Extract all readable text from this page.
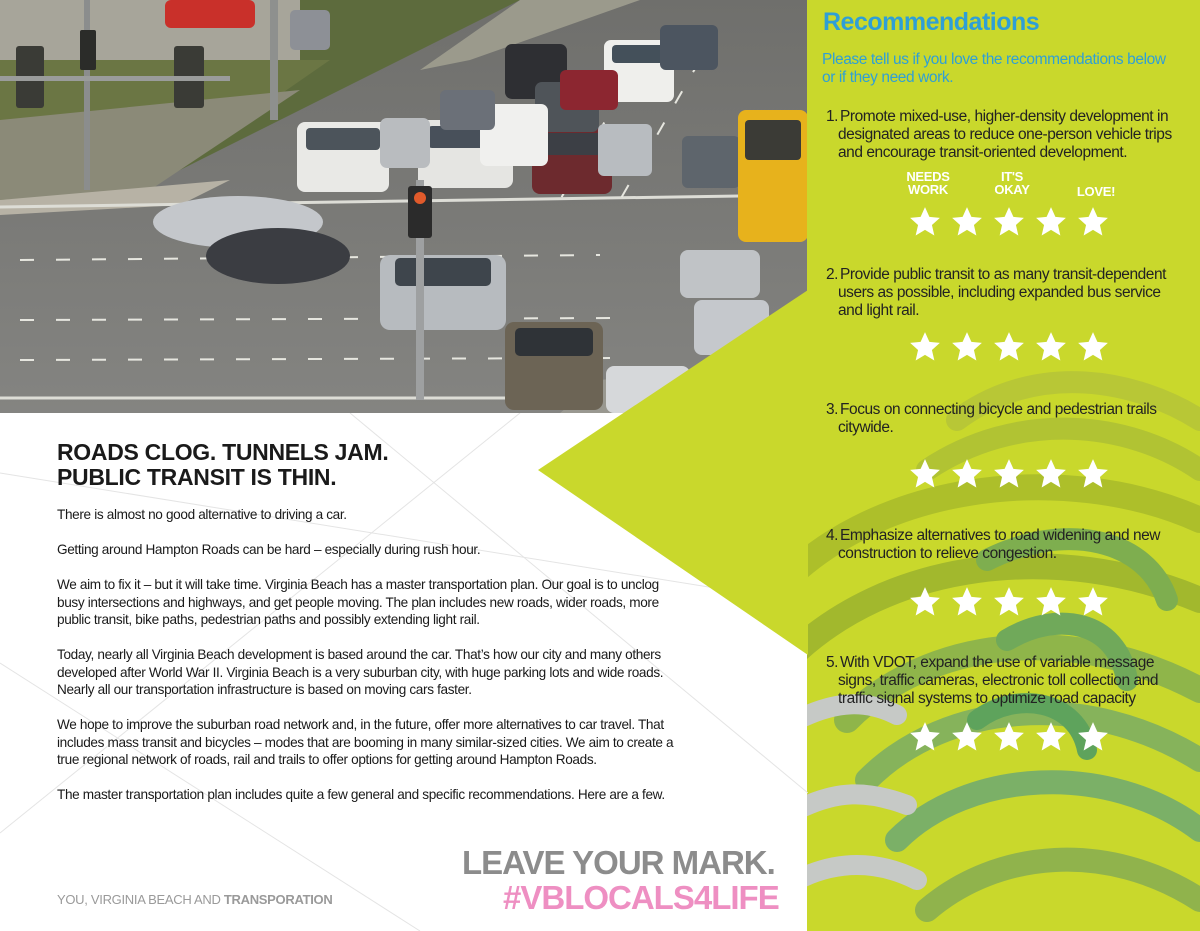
Recommendations
Please tell us if you love the recommendations below or if they need work.
1. Promote mixed-use, higher-density development in designated areas to reduce one-person vehicle trips and encourage transit-oriented development.
NEEDS WORK
IT'S OKAY	LOVE!
2. Provide public transit to as many transit-dependent users as possible, including expanded bus service and light rail.
3. Focus on connecting bicycle and pedestrian trails citywide.
4. Emphasize alternatives to road widening and new construction to relieve congestion.
5. With VDOT, expand the use of variable message signs, traffic cameras, electronic toll collection and traffic signal systems to optimize road capacity
ROADS CLOG. TUNNELS JAM.
PUBLIC TRANSIT IS THIN.

There is almost no good alternative to driving a car.

Getting around Hampton Roads can be hard – especially during rush hour.

We aim to fix it – but it will take time. Virginia Beach has a master transportation plan. Our goal is to unclog busy intersections and highways, and get people moving. The plan includes new roads, wider roads, more public transit, bike paths, pedestrian paths and possibly extending light rail.

Today, nearly all Virginia Beach development is based around the car. That’s how our city and many others developed after World War II. Virginia Beach is a very suburban city, with huge parking lots and wide roads. Nearly all our transportation infrastructure is based on moving cars faster.

We hope to improve the suburban road network and, in the future, offer more alternatives to car travel. That includes mass transit and bicycles – modes that are booming in many similar-sized cities. We aim to create a true regional network of roads, rail and trails to offer options for getting around Hampton Roads.

The master transportation plan includes quite a few general and specific recommendations. Here are a few.

YOU, VIRGINIA BEACH AND TRANSPORATION
LEAVE YOUR MARK.
#VBLOCALS4LIFE
